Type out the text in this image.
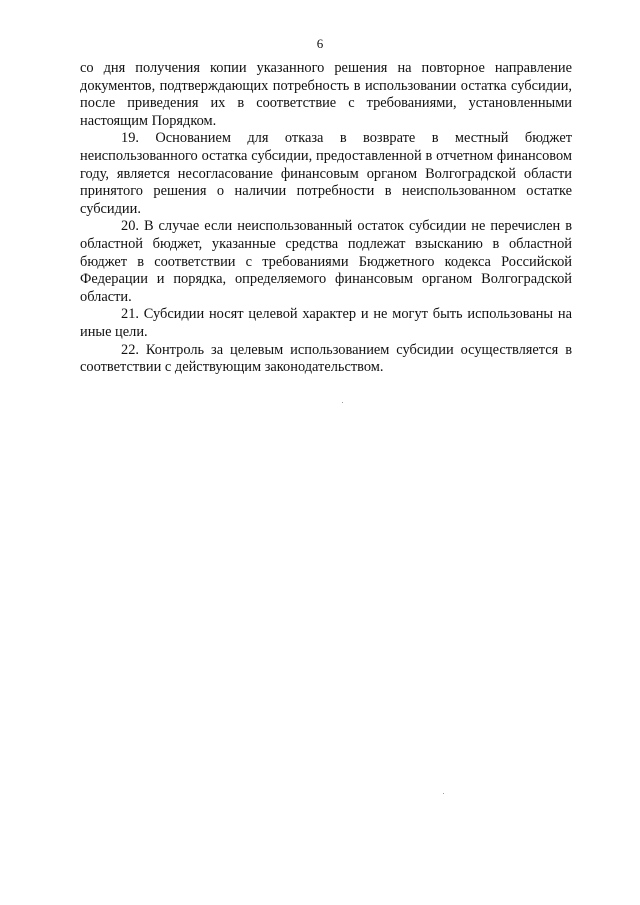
6

со дня получения копии указанного решения на повторное направление документов, подтверждающих потребность в использовании остатка субсидии, после приведения их в соответствие с требованиями, установленными настоящим Порядком.

19. Основанием для отказа в возврате в местный бюджет неиспользованного остатка субсидии, предоставленной в отчетном финансовом году, является несогласование финансовым органом Волгоградской области принятого решения о наличии потребности в неиспользованном остатке субсидии.

20. В случае если неиспользованный остаток субсидии не перечислен в областной бюджет, указанные средства подлежат взысканию в областной бюджет в соответствии с требованиями Бюджетного кодекса Российской Федерации и порядка, определяемого финансовым органом Волгоградской области.

21. Субсидии носят целевой характер и не могут быть использованы на иные цели.

22. Контроль за целевым использованием субсидии осуществляется в соответствии с действующим законодательством.
